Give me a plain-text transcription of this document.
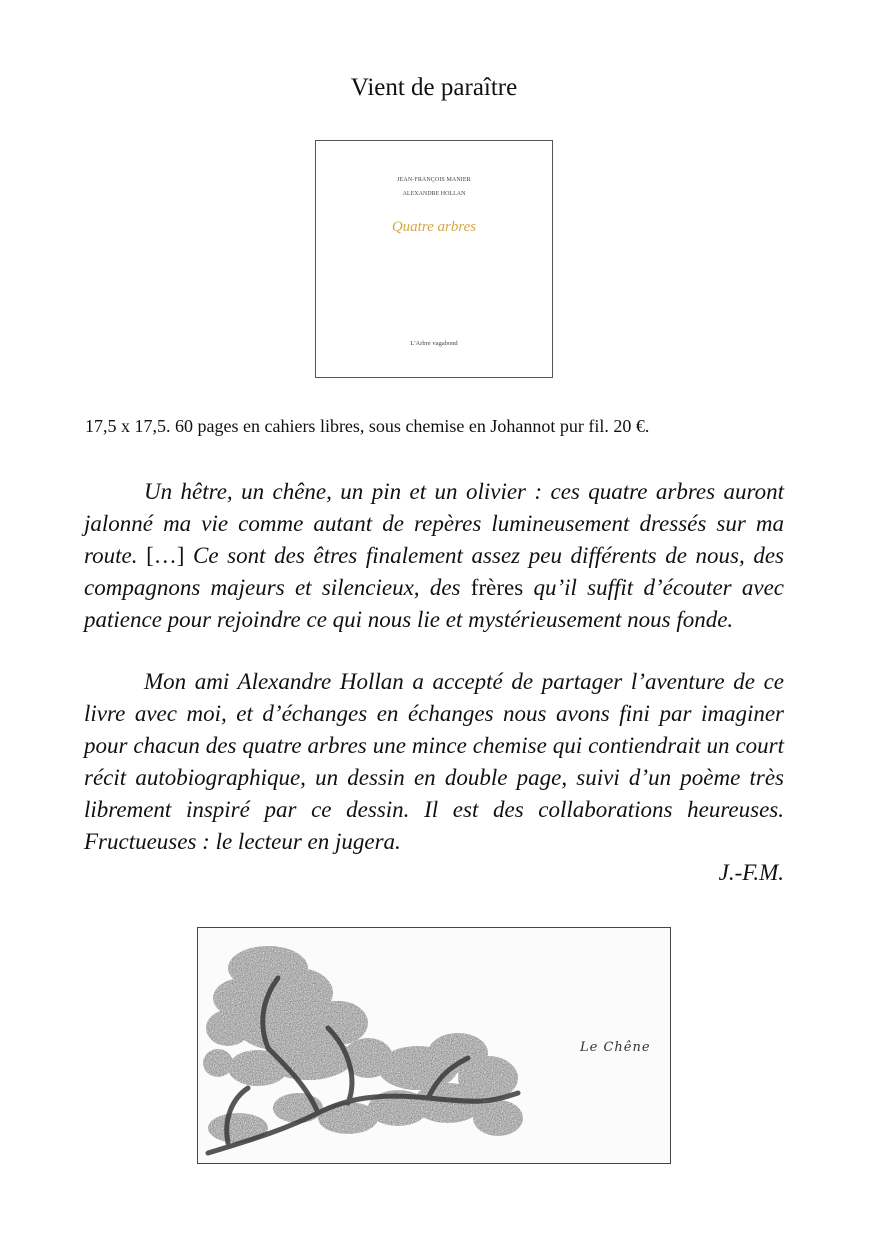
Vient de paraître
JEAN-FRANÇOIS MANIER
ALEXANDRE HOLLAN
Quatre arbres
L'Arbre vagabond
17,5 x 17,5. 60 pages en cahiers libres, sous chemise en Johannot pur fil. 20 €.

Un hêtre, un chêne, un pin et un olivier : ces quatre arbres auront jalonné ma vie comme autant de repères lumineusement dressés sur ma route. […] Ce sont des êtres finalement assez peu différents de nous, des compagnons majeurs et silencieux, des frères qu’il suffit d’écouter avec patience pour rejoindre ce qui nous lie et mystérieusement nous fonde.

Mon ami Alexandre Hollan a accepté de partager l’aventure de ce livre avec moi, et d’échanges en échanges nous avons fini par imaginer pour chacun des quatre arbres une mince chemise qui contiendrait un court récit autobiographique, un dessin en double page, suivi d’un poème très librement inspiré par ce dessin. Il est des collaborations heureuses. Fructueuses : le lecteur en jugera.

J.-F.M.
Le Chêne
